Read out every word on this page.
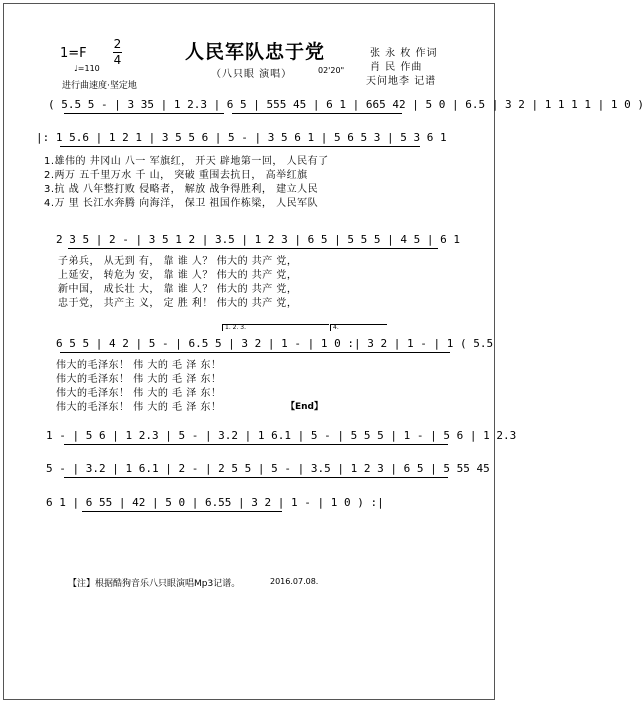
1=F
2
4
♩=110
进行曲速度·坚定地
人民军队忠于党
（八只眼 演唱）	02'20"
张 永 枚 作词
肖 民 作曲
天问地李 记谱
( 5.5 5 - | 3 35 | 1 2.3 | 6 5 | 555 45 | 6 1 | 665 42 | 5 0 | 6.5 | 3 2 | 1 1 1 1 | 1 0 )
|: 1 5.6 | 1 2 1 | 3 5 5 6 | 5 - | 3 5 6 1 | 5 6 5 3 | 5 3 6 1
1.雄伟的 井冈山 八一 军旗红， 开天 辟地第一回， 人民有了
2.两万 五千里万水 千 山， 突破 重围去抗日， 高举红旗
3.抗 战 八年整打败 侵略者， 解放 战争得胜利， 建立人民
4.万 里 长江水奔腾 向海洋， 保卫 祖国作栋梁， 人民军队
2 3 5 | 2 - | 3 5 1 2 | 3.5 | 1 2 3 | 6 5 | 5 5 5 | 4 5 | 6 1
子弟兵， 从无到 有， 靠 谁 人？ 伟大的 共产 党，
上延安， 转危为 安， 靠 谁 人？ 伟大的 共产 党，
新中国， 成长壮 大， 靠 谁 人？ 伟大的 共产 党，
忠于党， 共产主 义， 定 胜 利！ 伟大的 共产 党，
1. 2. 3.	4.
6 5 5 | 4 2 | 5 - | 6.5 5 | 3 2 | 1 - | 1 0 :| 3 2 | 1 - | 1 ( 5.5
伟大的毛泽东！ 伟 大的 毛 泽 东！
伟大的毛泽东！ 伟 大的 毛 泽 东！
伟大的毛泽东！ 伟 大的 毛 泽 东！
伟大的毛泽东！ 伟 大的 毛 泽 东！	【End】
1 - | 5 6 | 1 2.3 | 5 - | 3.2 | 1 6.1 | 5 - | 5 5 5 | 1 - | 5 6 | 1 2.3
5 - | 3.2 | 1 6.1 | 2 - | 2 5 5 | 5 - | 3.5 | 1 2 3 | 6 5 | 5 55 45
6 1 | 6 55 | 42 | 5 0 | 6.55 | 3 2 | 1 - | 1 0 ) :|
【注】根据酷狗音乐八只眼演唱Mp3记谱。	2016.07.08.
